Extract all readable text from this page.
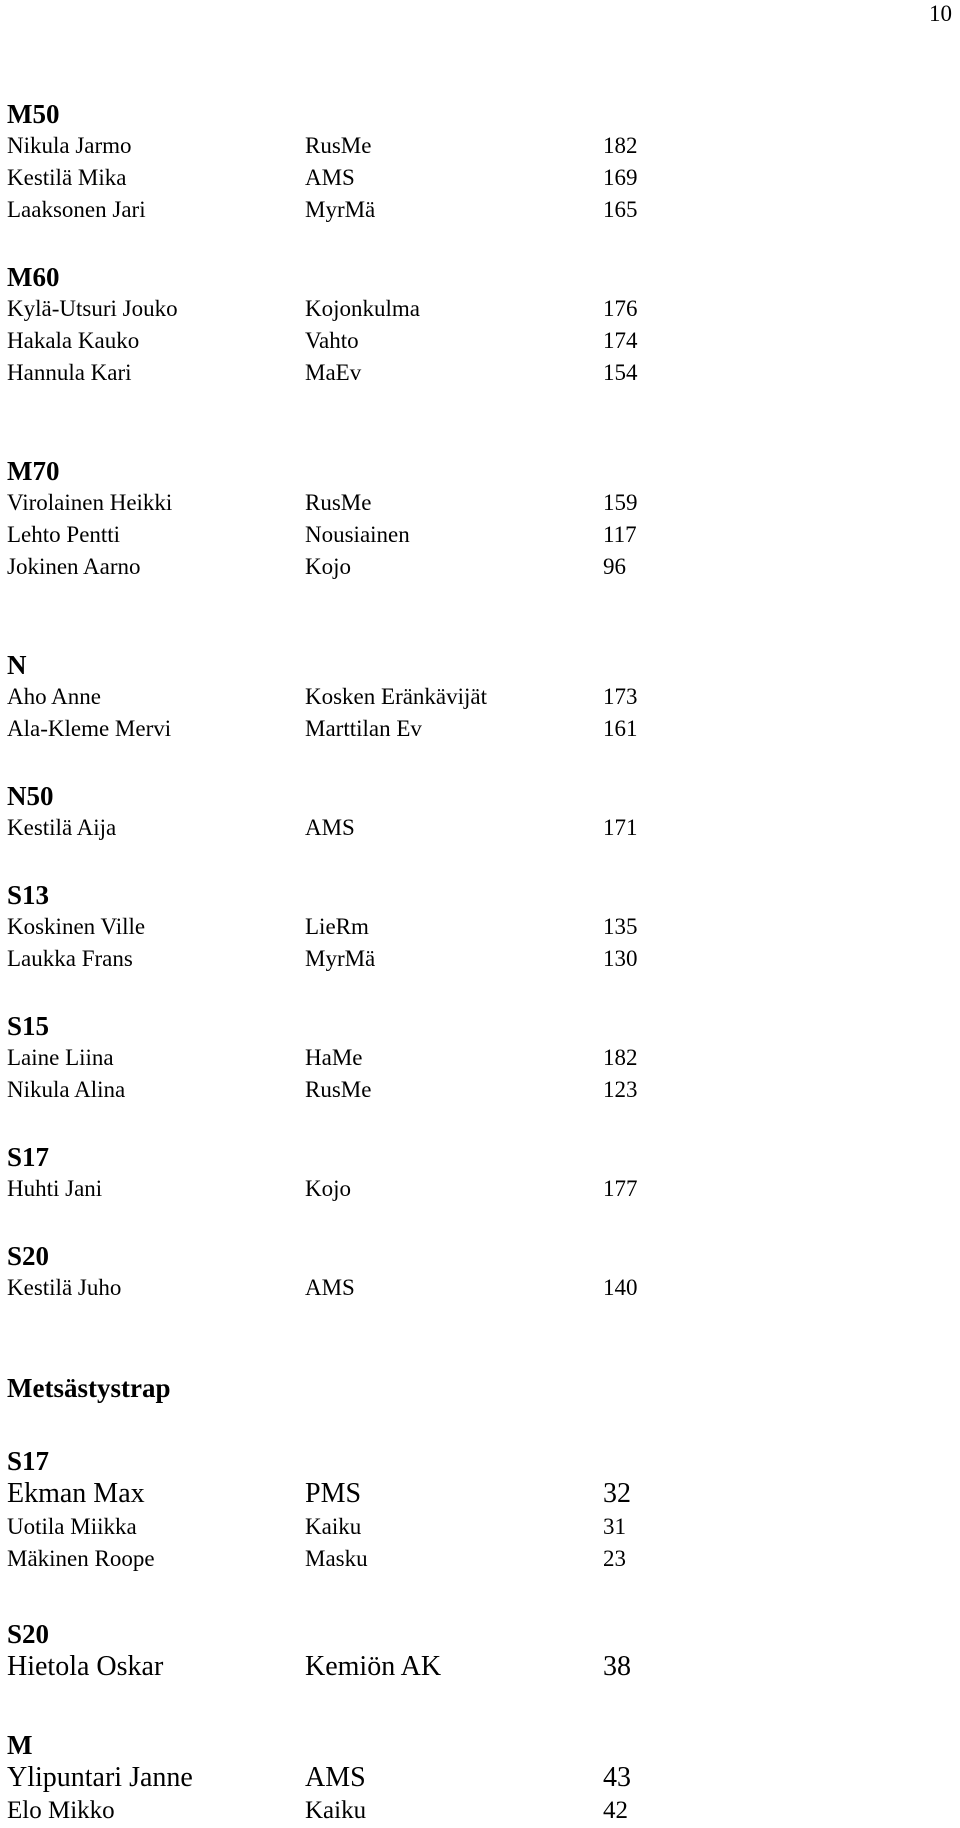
10
M50
Nikula Jarmo	RusMe	182
Kestilä Mika	AMS	169
Laaksonen Jari	MyrMä	165
M60
Kylä-Utsuri Jouko	Kojonkulma	176
Hakala Kauko	Vahto	174
Hannula Kari	MaEv	154
M70
Virolainen Heikki	RusMe	159
Lehto Pentti	Nousiainen	117
Jokinen Aarno	Kojo	96
N
Aho Anne	Kosken Eränkävijät	173
Ala-Kleme Mervi	Marttilan Ev	161
N50
Kestilä Aija	AMS	171
S13
Koskinen Ville	LieRm	135
Laukka Frans	MyrMä	130
S15
Laine Liina	HaMe	182
Nikula Alina	RusMe	123
S17
Huhti Jani	Kojo	177
S20
Kestilä Juho	AMS	140
Metsästystrap
S17
Ekman Max	PMS	32
Uotila Miikka	Kaiku	31
Mäkinen Roope	Masku	23
S20
Hietola Oskar	Kemiön AK	38
M
Ylipuntari Janne	AMS	43
Elo Mikko	Kaiku	42
